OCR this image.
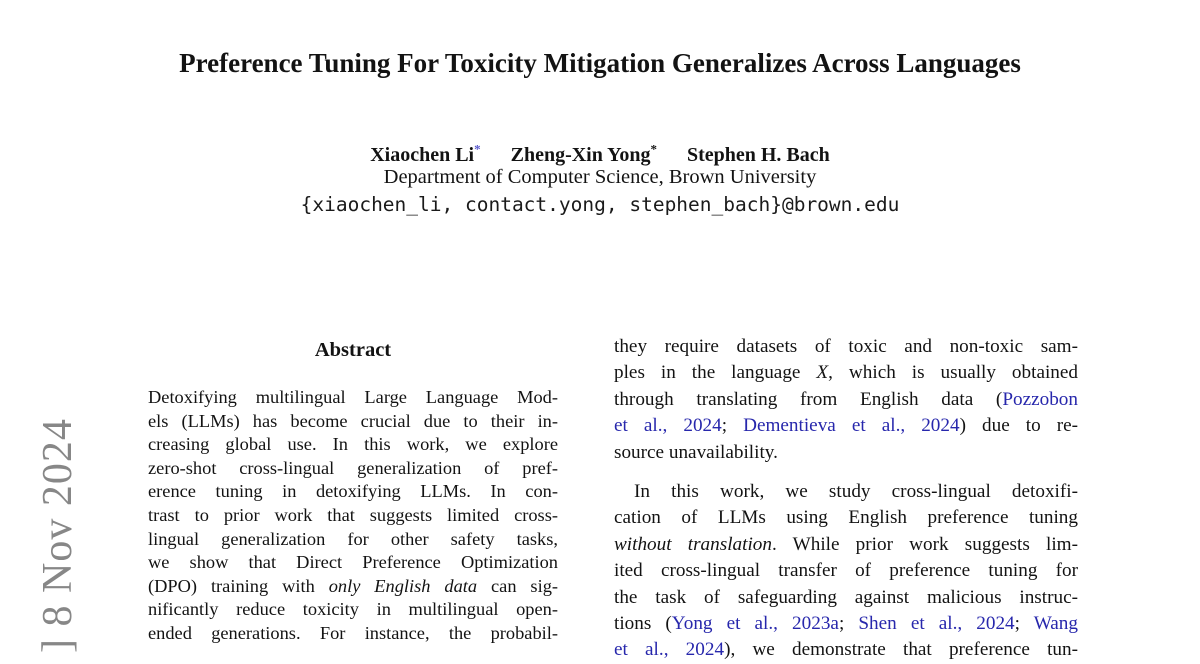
] 8 Nov 2024
Preference Tuning For Toxicity Mitigation Generalizes Across Languages
Xiaochen Li* Zheng-Xin Yong* Stephen H. Bach
Department of Computer Science, Brown University
{xiaochen_li, contact.yong, stephen_bach}@brown.edu
Abstract
Detoxifying multilingual Large Language Mod-
els (LLMs) has become crucial due to their in-
creasing global use. In this work, we explore
zero-shot cross-lingual generalization of pref-
erence tuning in detoxifying LLMs. In con-
trast to prior work that suggests limited cross-
lingual generalization for other safety tasks,
we show that Direct Preference Optimization
(DPO) training with only English data can sig-
nificantly reduce toxicity in multilingual open-
ended generations. For instance, the probabil-
they require datasets of toxic and non-toxic sam-
ples in the language X, which is usually obtained
through translating from English data (Pozzobon
et al., 2024; Dementieva et al., 2024) due to re-
source unavailability.
In this work, we study cross-lingual detoxifi-
cation of LLMs using English preference tuning
without translation. While prior work suggests lim-
ited cross-lingual transfer of preference tuning for
the task of safeguarding against malicious instruc-
tions (Yong et al., 2023a; Shen et al., 2024; Wang
et al., 2024), we demonstrate that preference tun-
